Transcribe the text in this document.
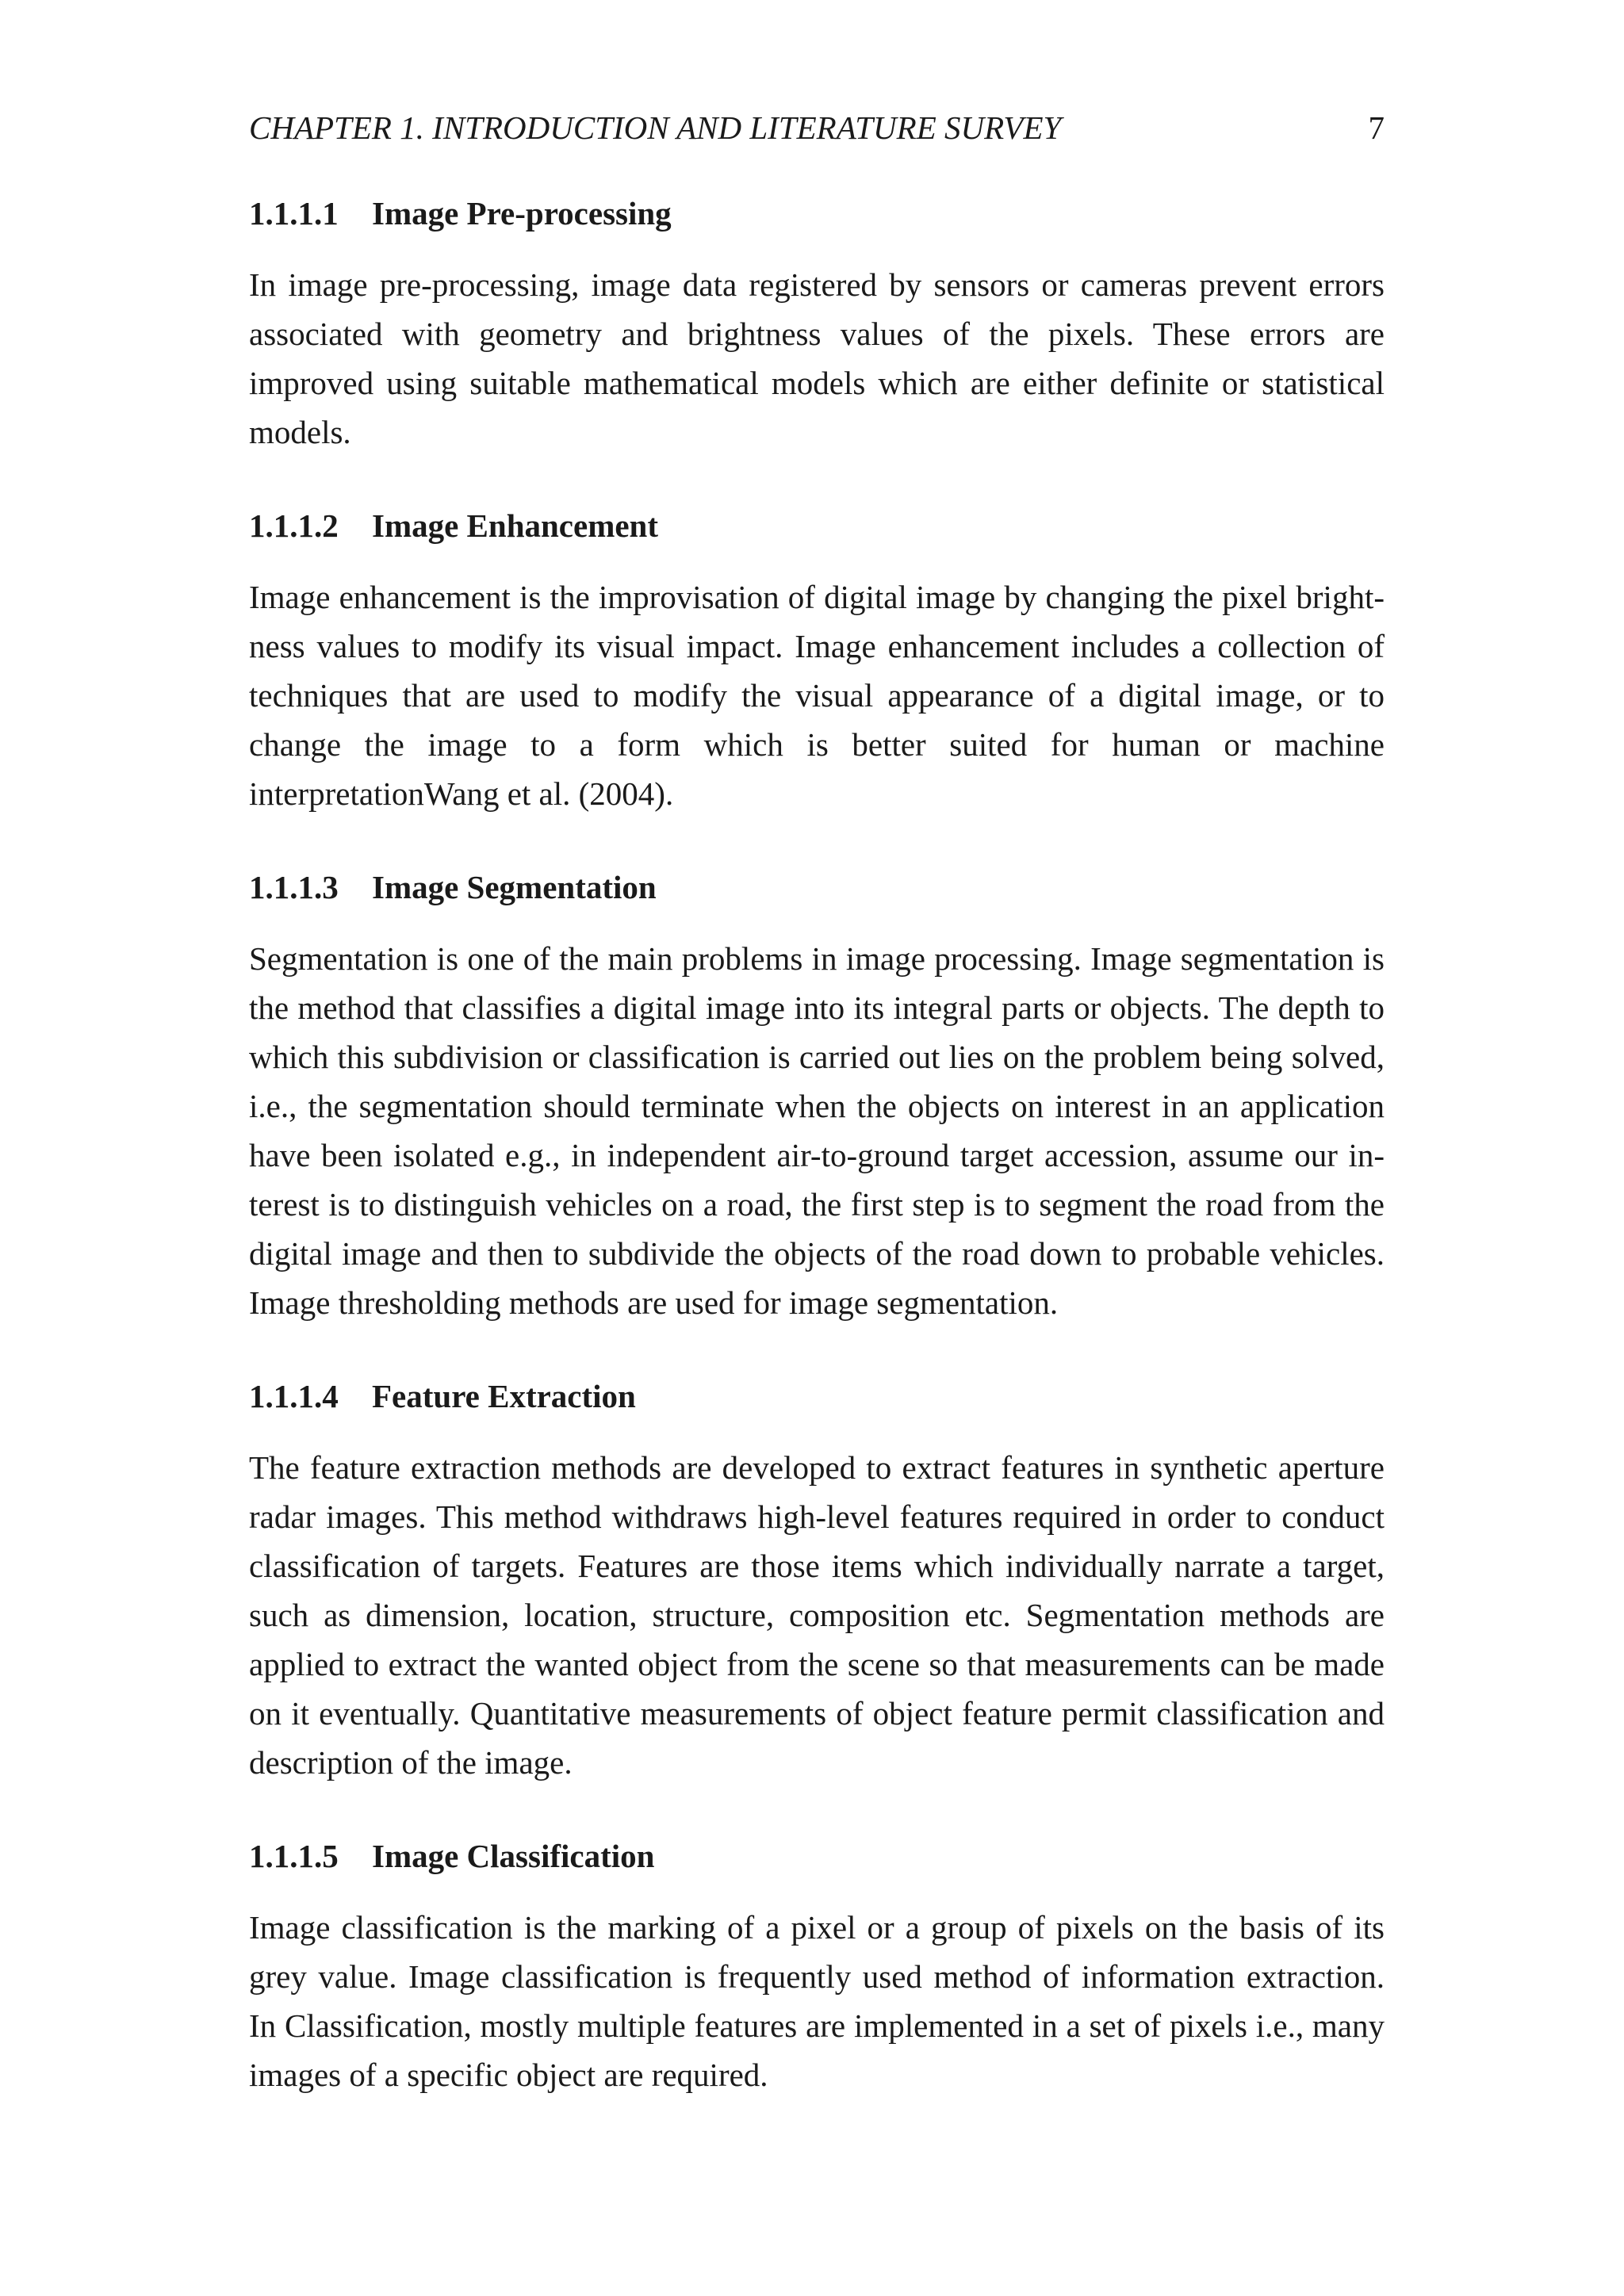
CHAPTER 1. INTRODUCTION AND LITERATURE SURVEY	7
1.1.1.1	Image Pre-processing

In image pre-processing, image data registered by sensors or cameras prevent errors associated with geometry and brightness values of the pixels. These errors are improved using suitable mathematical models which are either definite or statistical models.

1.1.1.2	Image Enhancement

Image enhancement is the improvisation of digital image by changing the pixel brightness values to modify its visual impact. Image enhancement includes a collection of techniques that are used to modify the visual appearance of a digital image, or to change the image to a form which is better suited for human or machine interpretationWang et al. (2004).

1.1.1.3	Image Segmentation

Segmentation is one of the main problems in image processing. Image segmentation is the method that classifies a digital image into its integral parts or objects. The depth to which this subdivision or classification is carried out lies on the problem being solved, i.e., the segmentation should terminate when the objects on interest in an application have been isolated e.g., in independent air-to-ground target accession, assume our interest is to distinguish vehicles on a road, the first step is to segment the road from the digital image and then to subdivide the objects of the road down to probable vehicles. Image thresholding methods are used for image segmentation.

1.1.1.4	Feature Extraction

The feature extraction methods are developed to extract features in synthetic aperture radar images. This method withdraws high-level features required in order to conduct classification of targets. Features are those items which individually narrate a target, such as dimension, location, structure, composition etc. Segmentation methods are applied to extract the wanted object from the scene so that measurements can be made on it eventually. Quantitative measurements of object feature permit classification and description of the image.

1.1.1.5	Image Classification

Image classification is the marking of a pixel or a group of pixels on the basis of its grey value. Image classification is frequently used method of information extraction. In Classification, mostly multiple features are implemented in a set of pixels i.e., many images of a specific object are required.
